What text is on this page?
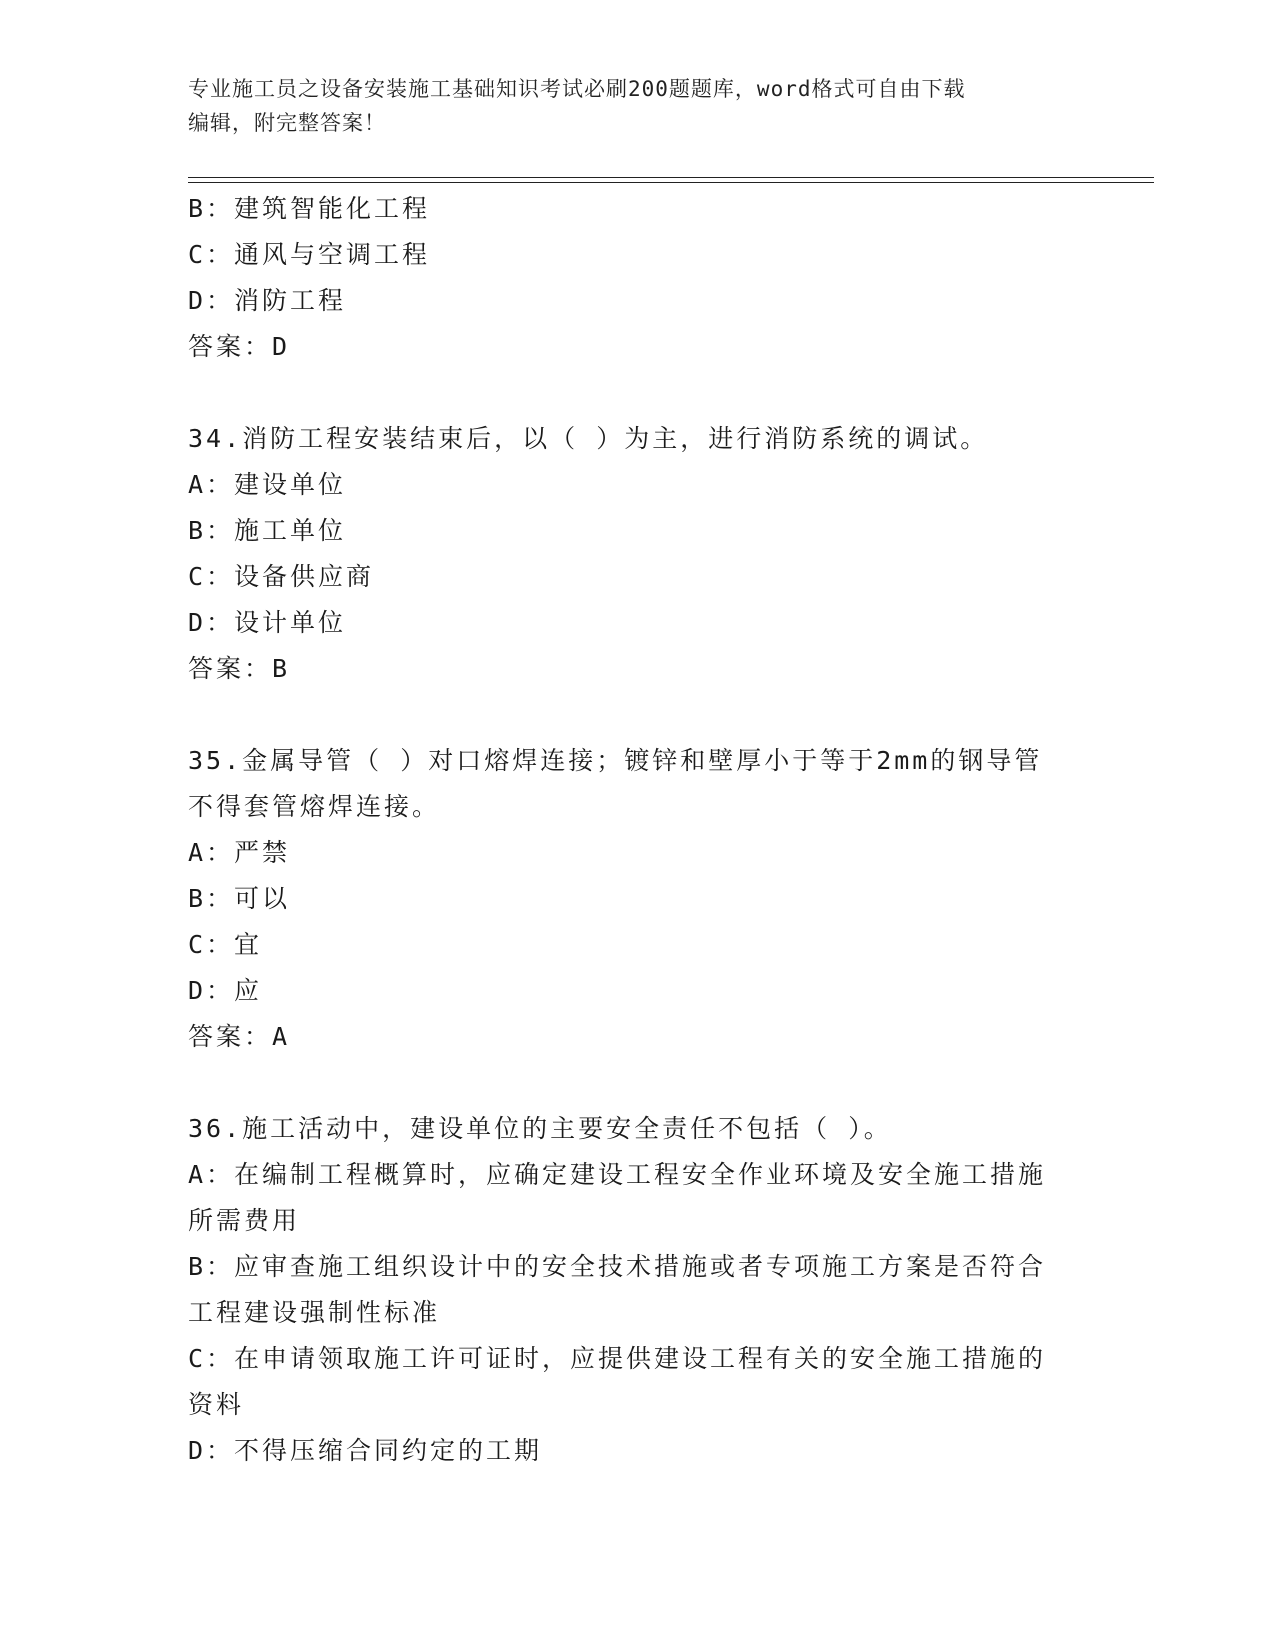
专业施工员之设备安装施工基础知识考试必刷200题题库，word格式可自由下载
编辑，附完整答案！

B：建筑智能化工程

C：通风与空调工程

D：消防工程

答案：D

34.消防工程安装结束后，以（ ）为主，进行消防系统的调试。

A：建设单位

B：施工单位

C：设备供应商

D：设计单位

答案：B

35.金属导管（ ）对口熔焊连接；镀锌和壁厚小于等于2mm的钢导管

不得套管熔焊连接。

A：严禁

B：可以

C：宜

D：应

答案：A

36.施工活动中，建设单位的主要安全责任不包括（ ）。

A：在编制工程概算时，应确定建设工程安全作业环境及安全施工措施

所需费用

B：应审查施工组织设计中的安全技术措施或者专项施工方案是否符合

工程建设强制性标准

C：在申请领取施工许可证时，应提供建设工程有关的安全施工措施的

资料

D：不得压缩合同约定的工期
